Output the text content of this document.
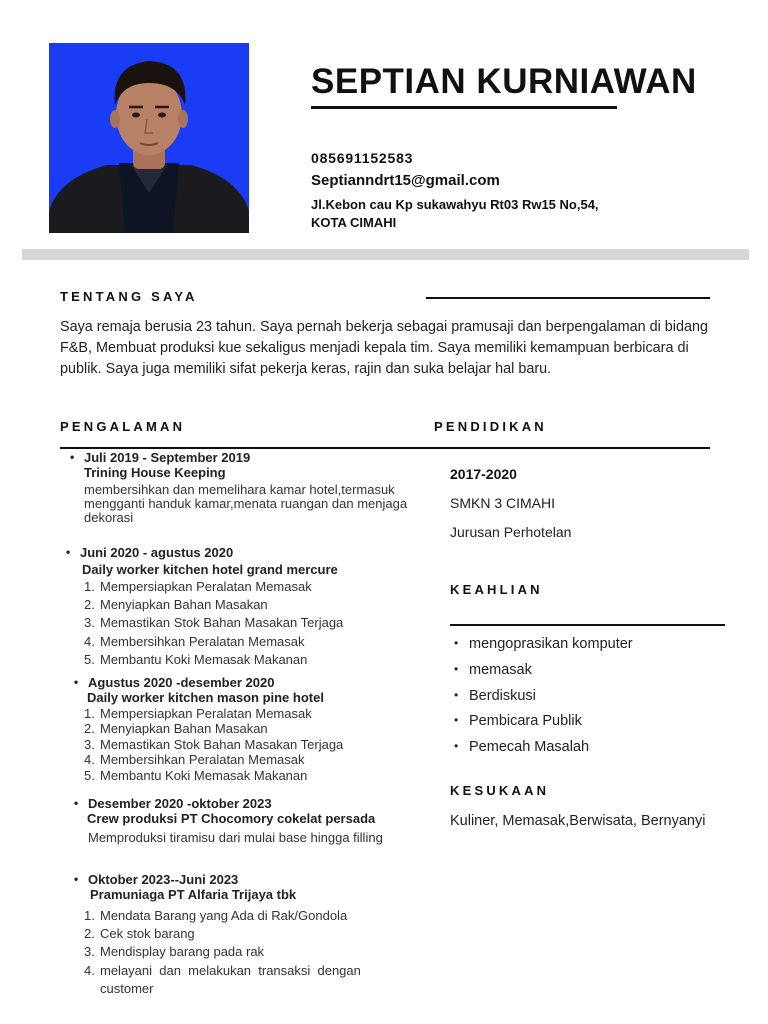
SEPTIAN KURNIAWAN
085691152583
Septianndrt15@gmail.com
Jl.Kebon cau Kp sukawahyu Rt03 Rw15 No,54,
KOTA CIMAHI
TENTANG SAYA
Saya remaja berusia 23 tahun. Saya pernah bekerja sebagai pramusaji dan berpengalaman di bidang F&B, Membuat produksi kue sekaligus menjadi kepala tim. Saya memiliki kemampuan berbicara di publik. Saya juga memiliki sifat pekerja keras, rajin dan suka belajar hal baru.
PENGALAMAN	PENDIDIKAN
• Juli 2019 - September 2019
Trining House Keeping
membersihkan dan memelihara kamar hotel,termasuk mengganti handuk kamar,menata ruangan dan menjaga dekorasi
• Juni 2020 - agustus 2020
Daily worker kitchen hotel grand mercure
1. Mempersiapkan Peralatan Memasak
2. Menyiapkan Bahan Masakan
3. Memastikan Stok Bahan Masakan Terjaga
4. Membersihkan Peralatan Memasak
5. Membantu Koki Memasak Makanan
• Agustus 2020 -desember 2020
Daily worker kitchen mason pine hotel
1. Mempersiapkan Peralatan Memasak
2. Menyiapkan Bahan Masakan
3. Memastikan Stok Bahan Masakan Terjaga
4. Membersihkan Peralatan Memasak
5. Membantu Koki Memasak Makanan
• Desember 2020 -oktober 2023
Crew produksi PT Chocomory cokelat persada
Memproduksi tiramisu dari mulai base hingga filling
• Oktober 2023--Juni 2023
Pramuniaga PT Alfaria Trijaya tbk
1. Mendata Barang yang Ada di Rak/Gondola
2. Cek stok barang
3. Mendisplay barang pada rak
4. melayani  dan  melakukan  transaksi  dengan
customer
2017-2020
SMKN 3 CIMAHI
Jurusan Perhotelan
KEAHLIAN
• mengoprasikan komputer
• memasak
• Berdiskusi
• Pembicara Publik
• Pemecah Masalah
KESUKAAN
Kuliner, Memasak,Berwisata, Bernyanyi
